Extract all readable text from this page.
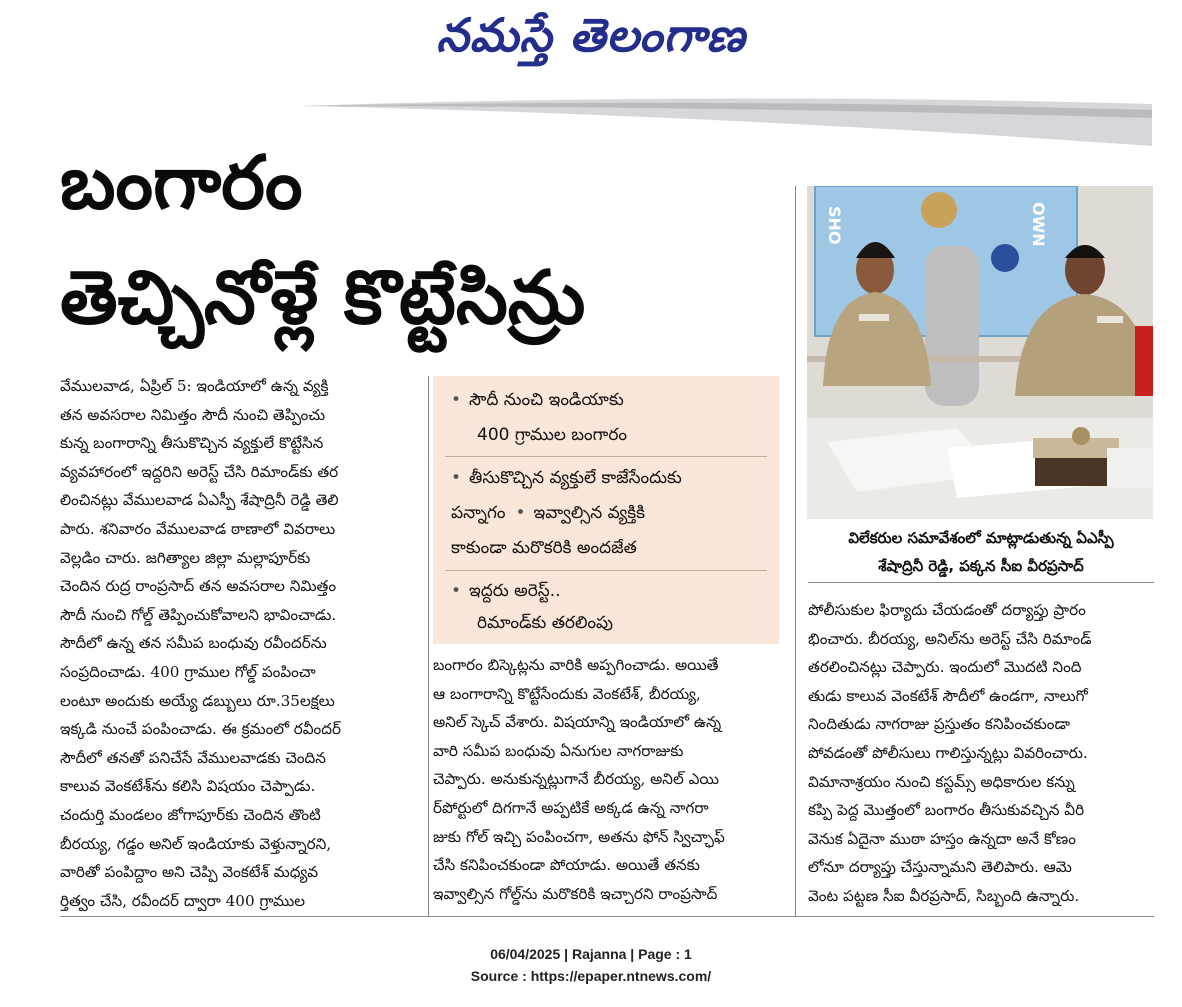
నమస్తే తెలంగాణ
బంగారం
తెచ్చినోళ్లే కొట్టేసిన్రు

వేములవాడ, ఏప్రిల్ 5: ఇండియాలో ఉన్న వ్యక్తి

తన అవసరాల నిమిత్తం సౌదీ నుంచి తెప్పించు

కున్న బంగారాన్ని తీసుకొచ్చిన వ్యక్తులే కొట్టేసిన

వ్యవహారంలో ఇద్దరిని అరెస్ట్ చేసి రిమాండ్‌కు తర

లించినట్లు వేములవాడ ఏఎస్పీ శేషాద్రినీ రెడ్డి తెలి

పారు. శనివారం వేములవాడ ఠాణాలో వివరాలు

వెల్లడిం చారు. జగిత్యాల జిల్లా మల్లాపూర్‌కు

చెందిన రుద్ర రాంప్రసాద్ తన అవసరాల నిమిత్తం

సౌదీ నుంచి గోల్డ్ తెప్పించుకోవాలని భావించాడు.

సౌదీలో ఉన్న తన సమీప బంధువు రవీందర్‌ను

సంప్రదించాడు. 400 గ్రాముల గోల్డ్ పంపించా

లంటూ అందుకు అయ్యే డబ్బులు రూ.35లక్షలు

ఇక్కడి నుంచే పంపించాడు. ఈ క్రమంలో రవీందర్

సౌదీలో తనతో పనిచేసే వేములవాడకు చెందిన

కాలువ వెంకటేశ్‌ను కలిసి విషయం చెప్పాడు.

చందుర్తి మండలం జోగాపూర్‌కు చెందిన తొంటి

బీరయ్య, గడ్డం అనిల్ ఇండియాకు వెళ్తున్నారని,

వారితో పంపిద్దాం అని చెప్పి వెంకటేశ్ మధ్యవ

ర్తిత్వం చేసి, రవీందర్ ద్వారా 400 గ్రాముల

• సౌదీ నుంచి ఇండియాకు
400 గ్రాముల బంగారం
• తీసుకొచ్చిన వ్యక్తులే కాజేసేందుకు
పన్నాగం • ఇవ్వాల్సిన వ్యక్తికి
కాకుండా మరొకరికి అందజేత
• ఇద్దరు అరెస్ట్..
రిమాండ్‌కు తరలింపు

బంగారం బిస్కెట్లను వారికి అప్పగించాడు. అయితే

ఆ బంగారాన్ని కొట్టేసేందుకు వెంకటేశ్, బీరయ్య,

అనిల్ స్కెచ్ వేశారు. విషయాన్ని ఇండియాలో ఉన్న

వారి సమీప బంధువు ఏనుగుల నాగరాజుకు

చెప్పారు. అనుకున్నట్లుగానే బీరయ్య, అనిల్ ఎయి

ర్‌పోర్టులో దిగగానే అప్పటికే అక్కడ ఉన్న నాగరా

జుకు గోల్ ఇచ్చి పంపించగా, అతను ఫోన్ స్విచ్ఛాఫ్

చేసి కనిపించకుండా పోయాడు. అయితే తనకు

ఇవ్వాల్సిన గోల్డ్‌ను మరొకరికి ఇచ్చారని రాంప్రసాద్

SHO	OWN
విలేకరుల సమావేశంలో మాట్లాడుతున్న ఏఎస్పీ
శేషాద్రినీ రెడ్డి, పక్కన సీఐ వీరప్రసాద్

పోలీసుకుల ఫిర్యాదు చేయడంతో దర్యాప్తు ప్రారం

భించారు. బీరయ్య, అనిల్‌ను అరెస్ట్ చేసి రిమాండ్

తరలించినట్లు చెప్పారు. ఇందులో మొదటి నింది

తుడు కాలువ వెంకటేశ్ సౌదీలో ఉండగా, నాలుగో

నిందితుడు నాగరాజు ప్రస్తుతం కనిపించకుండా

పోవడంతో పోలీసులు గాలిస్తున్నట్లు వివరించారు.

విమానాశ్రయం నుంచి కస్టమ్స్ అధికారుల కన్ను

కప్పి పెద్ద మొత్తంలో బంగారం తీసుకువచ్చిన వీరి

వెనుక ఏదైనా ముఠా హస్తం ఉన్నదా అనే కోణం

లోనూ దర్యాప్తు చేస్తున్నామని తెలిపారు. ఆమె

వెంట పట్టణ సీఐ వీరప్రసాద్, సిబ్బంది ఉన్నారు.

06/04/2025 | Rajanna | Page : 1
Source : https://epaper.ntnews.com/
